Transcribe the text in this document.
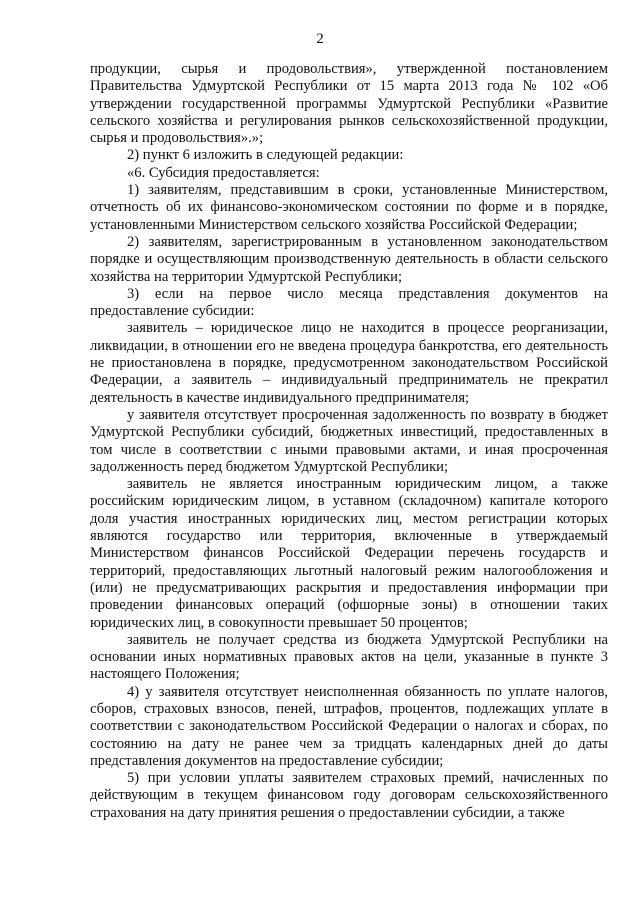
2

продукции, сырья и продовольствия», утвержденной постановлением Правительства Удмуртской Республики от 15 марта 2013 года № 102 «Об утверждении государственной программы Удмуртской Республики «Развитие сельского хозяйства и регулирования рынков сельскохозяйственной продукции, сырья и продовольствия».»;

2) пункт 6 изложить в следующей редакции:

«6. Субсидия предоставляется:

1) заявителям, представившим в сроки, установленные Министерством, отчетность об их финансово-экономическом состоянии по форме и в порядке, установленными Министерством сельского хозяйства Российской Федерации;

2) заявителям, зарегистрированным в установленном законодательством порядке и осуществляющим производственную деятельность в области сельского хозяйства на территории Удмуртской Республики;

3) если на первое число месяца представления документов на предоставление субсидии:

заявитель – юридическое лицо не находится в процессе реорганизации, ликвидации, в отношении его не введена процедура банкротства, его деятельность не приостановлена в порядке, предусмотренном законодательством Российской Федерации, а заявитель – индивидуальный предприниматель не прекратил деятельность в качестве индивидуального предпринимателя;

у заявителя отсутствует просроченная задолженность по возврату в бюджет Удмуртской Республики субсидий, бюджетных инвестиций, предоставленных в том числе в соответствии с иными правовыми актами, и иная просроченная задолженность перед бюджетом Удмуртской Республики;

заявитель не является иностранным юридическим лицом, а также российским юридическим лицом, в уставном (складочном) капитале которого доля участия иностранных юридических лиц, местом регистрации которых являются государство или территория, включенные в утверждаемый Министерством финансов Российской Федерации перечень государств и территорий, предоставляющих льготный налоговый режим налогообложения и (или) не предусматривающих раскрытия и предоставления информации при проведении финансовых операций (офшорные зоны) в отношении таких юридических лиц, в совокупности превышает 50 процентов;

заявитель не получает средства из бюджета Удмуртской Республики на основании иных нормативных правовых актов на цели, указанные в пункте 3 настоящего Положения;

4) у заявителя отсутствует неисполненная обязанность по уплате налогов, сборов, страховых взносов, пеней, штрафов, процентов, подлежащих уплате в соответствии с законодательством Российской Федерации о налогах и сборах, по состоянию на дату не ранее чем за тридцать календарных дней до даты представления документов на предоставление субсидии;

5) при условии уплаты заявителем страховых премий, начисленных по действующим в текущем финансовом году договорам сельскохозяйственного страхования на дату принятия решения о предоставлении субсидии, а также
